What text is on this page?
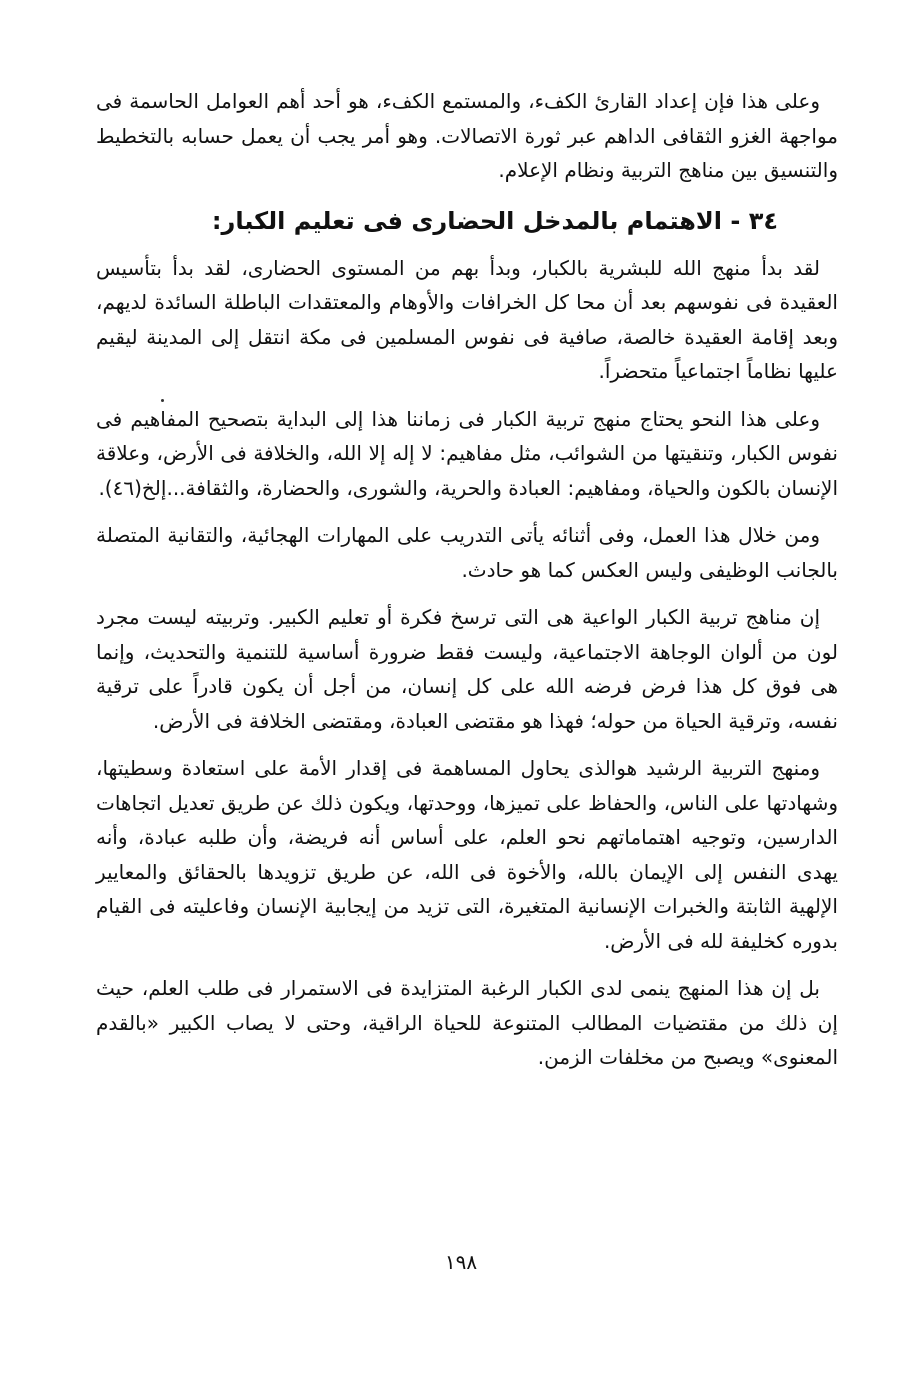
وعلى هذا فإن إعداد القارئ الكفء، والمستمع الكفء، هو أحد أهم العوامل الحاسمة فى مواجهة الغزو الثقافى الداهم عبر ثورة الاتصالات. وهو أمر يجب أن يعمل حسابه بالتخطيط والتنسيق بين مناهج التربية ونظام الإعلام.

٣٤ - الاهتمام بالمدخل الحضارى فى تعليم الكبار:

لقد بدأ منهج الله للبشرية بالكبار، وبدأ بهم من المستوى الحضارى، لقد بدأ بتأسيس العقيدة فى نفوسهم بعد أن محا كل الخرافات والأوهام والمعتقدات الباطلة السائدة لديهم، وبعد إقامة العقيدة خالصة، صافية فى نفوس المسلمين فى مكة انتقل إلى المدينة ليقيم عليها نظاماً اجتماعياً متحضراً.

وعلى هذا النحو يحتاج منهج تربية الكبار فى زماننا هذا إلى البداية بتصحيح المفاهيم فى نفوس الكبار، وتنقيتها من الشوائب، مثل مفاهيم: لا إله إلا الله، والخلافة فى الأرض، وعلاقة الإنسان بالكون والحياة، ومفاهيم: العبادة والحرية، والشورى، والحضارة، والثقافة...إلخ(٤٦).

ومن خلال هذا العمل، وفى أثنائه يأتى التدريب على المهارات الهجائية، والتقانية المتصلة بالجانب الوظيفى وليس العكس كما هو حادث.

إن مناهج تربية الكبار الواعية هى التى ترسخ فكرة أو تعليم الكبير. وتربيته ليست مجرد لون من ألوان الوجاهة الاجتماعية، وليست فقط ضرورة أساسية للتنمية والتحديث، وإنما هى فوق كل هذا فرض فرضه الله على كل إنسان، من أجل أن يكون قادراً على ترقية نفسه، وترقية الحياة من حوله؛ فهذا هو مقتضى العبادة، ومقتضى الخلافة فى الأرض.

ومنهج التربية الرشيد هوالذى يحاول المساهمة فى إقدار الأمة على استعادة وسطيتها، وشهادتها على الناس، والحفاظ على تميزها، ووحدتها، ويكون ذلك عن طريق تعديل اتجاهات الدارسين، وتوجيه اهتماماتهم نحو العلم، على أساس أنه فريضة، وأن طلبه عبادة، وأنه يهدى النفس إلى الإيمان بالله، والأخوة فى الله، عن طريق تزويدها بالحقائق والمعايير الإلهية الثابتة والخبرات الإنسانية المتغيرة، التى تزيد من إيجابية الإنسان وفاعليته فى القيام بدوره كخليفة لله فى الأرض.

بل إن هذا المنهج ينمى لدى الكبار الرغبة المتزايدة فى الاستمرار فى طلب العلم، حيث إن ذلك من مقتضيات المطالب المتنوعة للحياة الراقية، وحتى لا يصاب الكبير «بالقدم المعنوى» ويصبح من مخلفات الزمن.

١٩٨
